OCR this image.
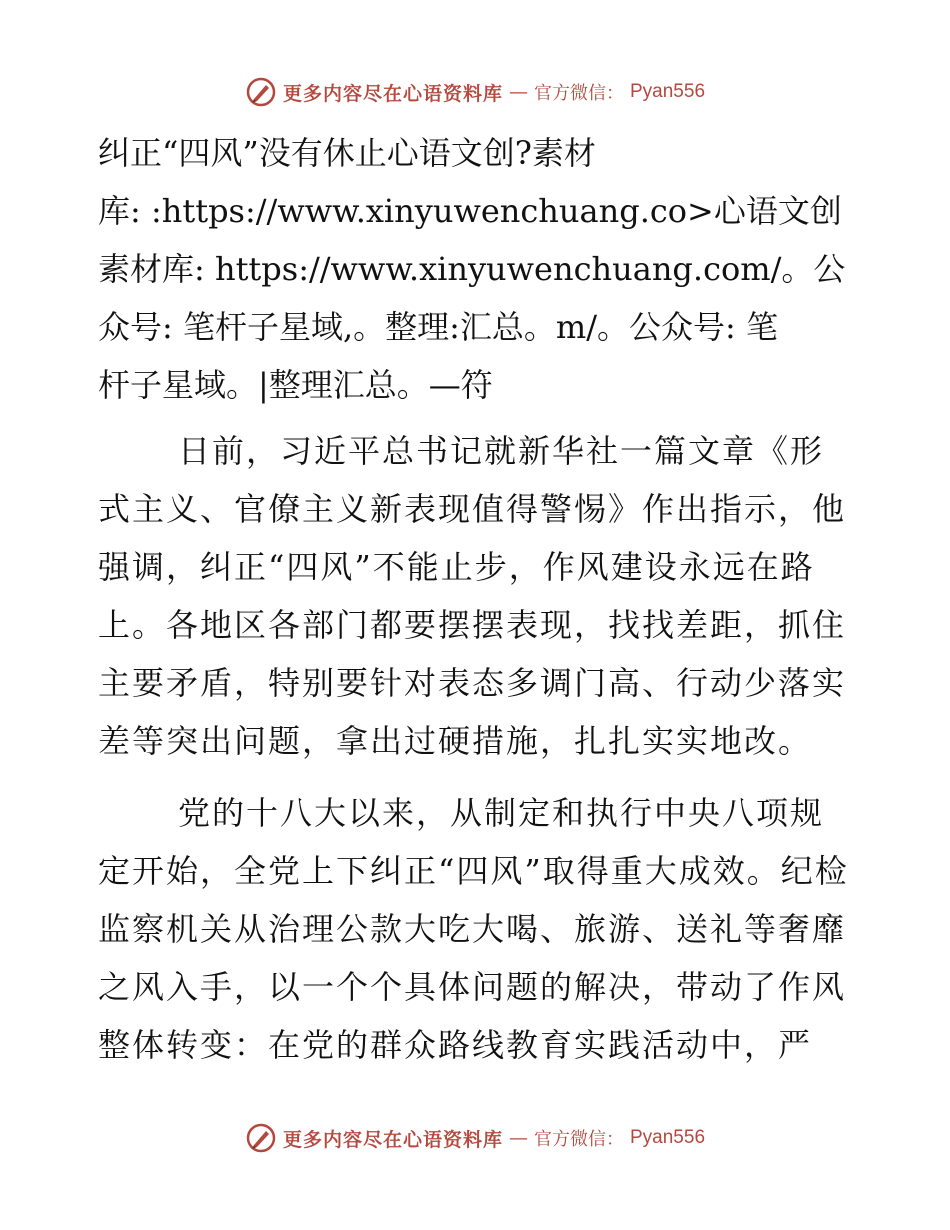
更多内容尽在心语资料库 — 官方微信： Pyan556

纠正“四风”没有休止心语文创?素材
库: :https://www.xinyuwenchuang.co>心语文创
素材库: https://www.xinyuwenchuang.com/。公
众号: 笔杆子星域,。整理:汇总。m/。公众号: 笔
杆子星域。|整理汇总。—符

日前，习近平总书记就新华社一篇文章《形式主义、官僚主义新表现值得警惕》作出指示，他强调，纠正“四风”不能止步，作风建设永远在路上。各地区各部门都要摆摆表现，找找差距，抓住主要矛盾，特别要针对表态多调门高、行动少落实差等突出问题，拿出过硬措施，扎扎实实地改。

党的十八大以来，从制定和执行中央八项规定开始，全党上下纠正“四风”取得重大成效。纪检监察机关从治理公款大吃大喝、旅游、送礼等奢靡之风入手，以一个个具体问题的解决，带动了作风整体转变：在党的群众路线教育实践活动中，严

更多内容尽在心语资料库 — 官方微信： Pyan556
